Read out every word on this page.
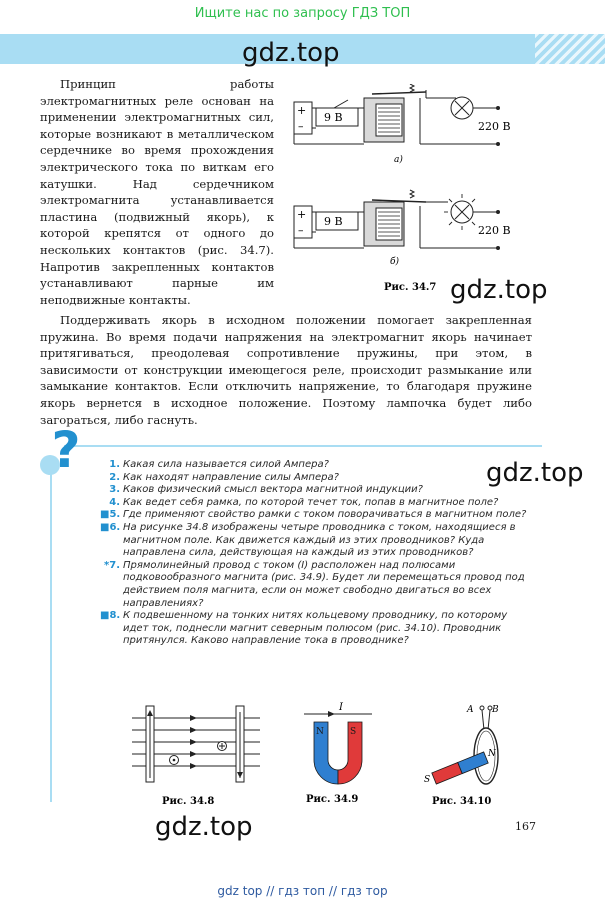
Ищите нас по запросу ГДЗ ТОП
gdz.top
gdz.top
gdz.top
gdz.top

Принцип работы электромагнитных реле основан на применении электромагнитных сил, которые возникают в металлическом сердечнике во время прохождения электрического тока по виткам его катушки. Над сердечником электромагнита устанавливается пластина (подвижный якорь), к которой крепятся от одного до нескольких контактов (рис. 34.7). Напротив закрепленных контактов устанавливают парные им неподвижные контакты.

+
–
9 В
220 В
а)
+
–
9 В
220 В
б)
Рис. 34.7

Поддерживать якорь в исходном положении помогает закрепленная пружина. Во время подачи напряжения на электромагнит якорь начинает притягиваться, преодолевая сопротивление пружины, при этом, в зависимости от конструкции имеющегося реле, происходит размыкание или замыкание контактов. Если отключить напряжение, то благодаря пружине якорь вернется в исходное положение. Поэтому лампочка будет либо загораться, либо гаснуть.

?	1. Какая сила называется силой Ампера?
2. Как находят направление силы Ампера?
3. Каков физический смысл вектора магнитной индукции?
4. Как ведет себя рамка, по которой течет ток, попав в магнитное поле?
■5. Где применяют свойство рамки с током поворачиваться в магнитном поле?
■6. На рисунке 34.8 изображены четыре проводника с током, находящиеся в магнитном поле. Как движется каждый из этих проводников? Куда направлена сила, действующая на каждый из этих проводников?
*7. Прямолинейный провод с током (I) расположен над полюсами подковообразного магнита (рис. 34.9). Будет ли перемещаться провод под действием поля магнита, если он может свободно двигаться во всех направлениях?
■8. К подвешенному на тонких нитях кольцевому проводнику, по которому идет ток, поднесли магнит северным полюсом (рис. 34.10). Проводник притянулся. Каково направление тока в проводнике?
Рис. 34.8
I
N	S
Рис. 34.9
A B
N
S
Рис. 34.10
167
gdz top // гдз топ // гдз тор
